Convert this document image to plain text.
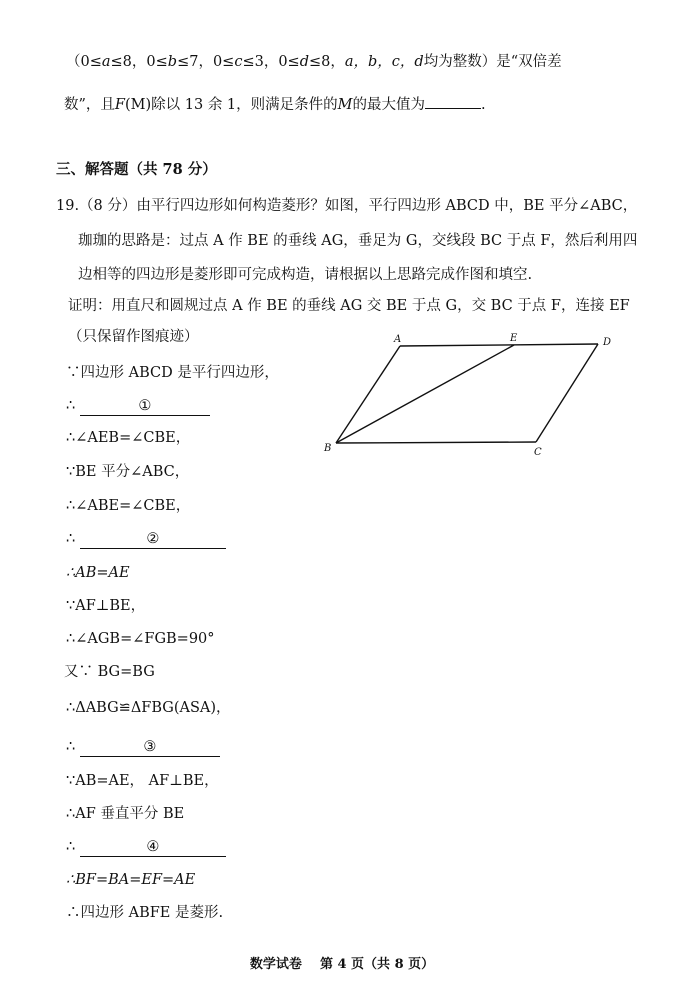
（0≤a≤8，0≤b≤7，0≤c≤3，0≤d≤8，a，b，c，d均为整数）是“双倍差
数”，且F(M)除以 13 余 1，则满足条件的M的最大值为	.
三、解答题（共 78 分）
19.（8 分）由平行四边形如何构造菱形？如图，平行四边形 ABCD 中，BE 平分∠ABC，
珈珈的思路是：过点 A 作 BE 的垂线 AG，垂足为 G，交线段 BC 于点 F，然后利用四
边相等的四边形是菱形即可完成构造，请根据以上思路完成作图和填空.
证明：用直尺和圆规过点 A 作 BE 的垂线 AG 交 BE 于点 G，交 BC 于点 F，连接 EF
（只保留作图痕迹）
∵四边形 ABCD 是平行四边形，
∴	①
∴∠AEB=∠CBE，
∵BE 平分∠ABC，
∴∠ABE=∠CBE，
∴	②
∴AB=AE
∵AF⊥BE，
∴∠AGB=∠FGB=90°
又∵ BG=BG
∴ΔABG≌ΔFBG(ASA)，
∴	③
∵AB=AE， AF⊥BE，
∴AF 垂直平分 BE
∴	④
∴BF=BA=EF=AE
∴四边形 ABFE 是菱形.
A	E	D
B	C
数学试卷    第 4 页（共 8 页）
